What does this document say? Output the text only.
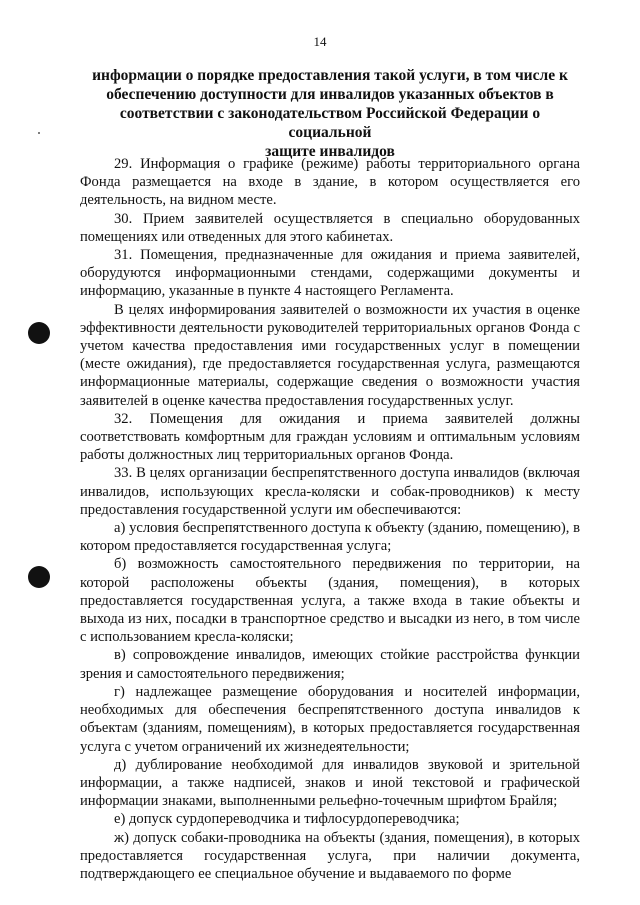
14
информации о порядке предоставления такой услуги, в том числе к
обеспечению доступности для инвалидов указанных объектов в
соответствии с законодательством Российской Федерации о социальной
защите инвалидов

29. Информация о графике (режиме) работы территориального органа Фонда размещается на входе в здание, в котором осуществляется его деятельность, на видном месте.

30. Прием заявителей осуществляется в специально оборудованных помещениях или отведенных для этого кабинетах.

31. Помещения, предназначенные для ожидания и приема заявителей, оборудуются информационными стендами, содержащими документы и информацию, указанные в пункте 4 настоящего Регламента.

В целях информирования заявителей о возможности их участия в оценке эффективности деятельности руководителей территориальных органов Фонда с учетом качества предоставления ими государственных услуг в помещении (месте ожидания), где предоставляется государственная услуга, размещаются информационные материалы, содержащие сведения о возможности участия заявителей в оценке качества предоставления государственных услуг.

32. Помещения для ожидания и приема заявителей должны соответствовать комфортным для граждан условиям и оптимальным условиям работы должностных лиц территориальных органов Фонда.

33. В целях организации беспрепятственного доступа инвалидов (включая инвалидов, использующих кресла-коляски и собак-проводников) к месту предоставления государственной услуги им обеспечиваются:

а) условия беспрепятственного доступа к объекту (зданию, помещению), в котором предоставляется государственная услуга;

б) возможность самостоятельного передвижения по территории, на которой расположены объекты (здания, помещения), в которых предоставляется государственная услуга, а также входа в такие объекты и выхода из них, посадки в транспортное средство и высадки из него, в том числе с использованием кресла-коляски;

в) сопровождение инвалидов, имеющих стойкие расстройства функции зрения и самостоятельного передвижения;

г) надлежащее размещение оборудования и носителей информации, необходимых для обеспечения беспрепятственного доступа инвалидов к объектам (зданиям, помещениям), в которых предоставляется государственная услуга с учетом ограничений их жизнедеятельности;

д) дублирование необходимой для инвалидов звуковой и зрительной информации, а также надписей, знаков и иной текстовой и графической информации знаками, выполненными рельефно-точечным шрифтом Брайля;

е) допуск сурдопереводчика и тифлосурдопереводчика;

ж) допуск собаки-проводника на объекты (здания, помещения), в которых предоставляется государственная услуга, при наличии документа, подтверждающего ее специальное обучение и выдаваемого по форме
